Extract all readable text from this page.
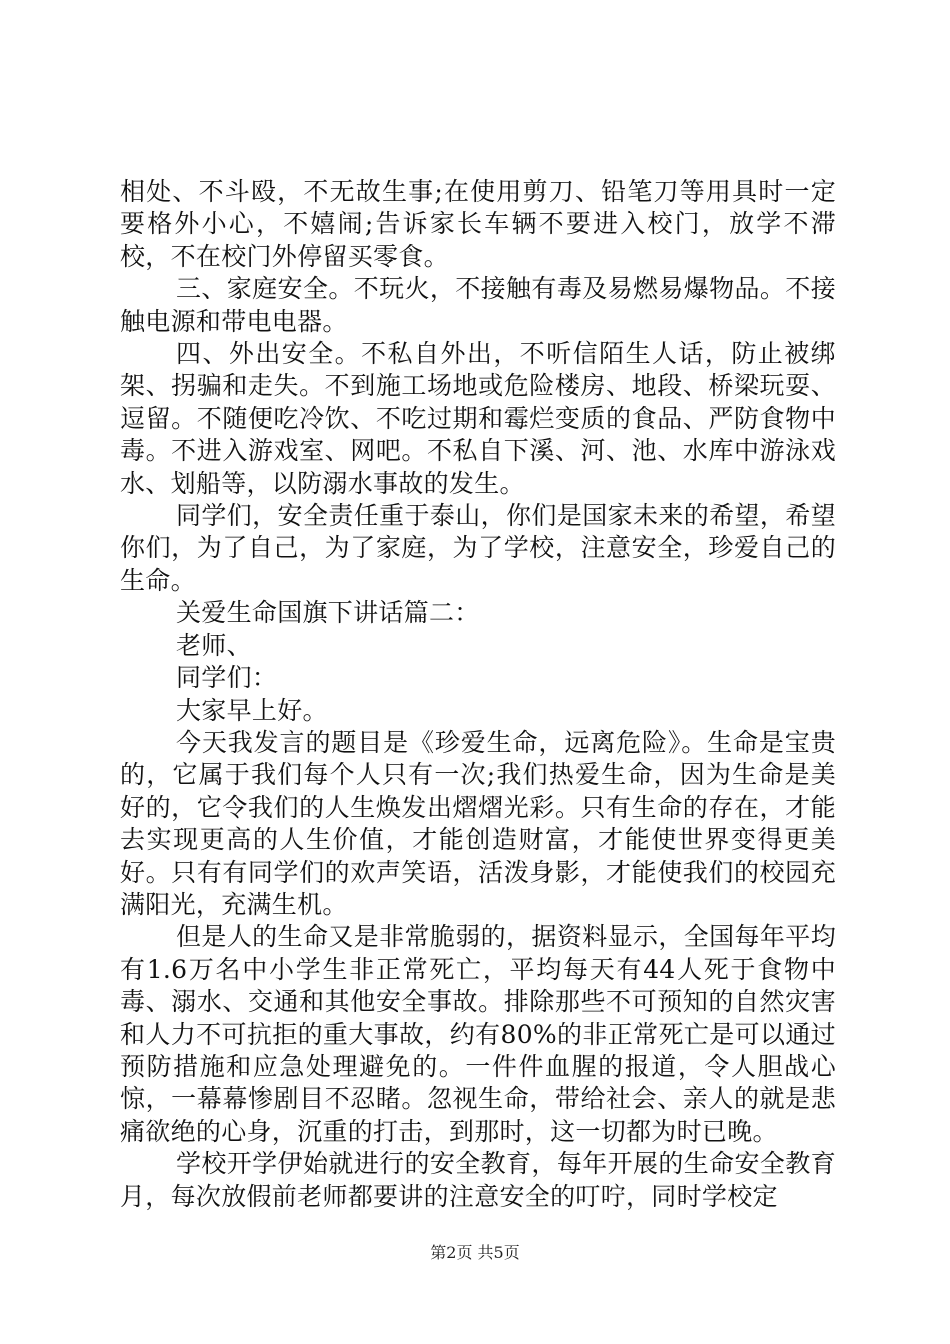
相处、不斗殴，不无故生事;在使用剪刀、铅笔刀等用具时一定要格外小心，不嬉闹;告诉家长车辆不要进入校门，放学不滞校，不在校门外停留买零食。

三、家庭安全。不玩火，不接触有毒及易燃易爆物品。不接触电源和带电电器。

四、外出安全。不私自外出，不听信陌生人话，防止被绑架、拐骗和走失。不到施工场地或危险楼房、地段、桥梁玩耍、逗留。不随便吃冷饮、不吃过期和霉烂变质的食品、严防食物中毒。不进入游戏室、网吧。不私自下溪、河、池、水库中游泳戏水、划船等，以防溺水事故的发生。

同学们，安全责任重于泰山，你们是国家未来的希望，希望你们，为了自己，为了家庭，为了学校，注意安全，珍爱自己的生命。

关爱生命国旗下讲话篇二：

老师、

同学们：

大家早上好。

今天我发言的题目是《珍爱生命，远离危险》。生命是宝贵的，它属于我们每个人只有一次;我们热爱生命，因为生命是美好的，它令我们的人生焕发出熠熠光彩。只有生命的存在，才能去实现更高的人生价值，才能创造财富，才能使世界变得更美好。只有有同学们的欢声笑语，活泼身影，才能使我们的校园充满阳光，充满生机。

但是人的生命又是非常脆弱的，据资料显示，全国每年平均有1.6万名中小学生非正常死亡，平均每天有44人死于食物中毒、溺水、交通和其他安全事故。排除那些不可预知的自然灾害和人力不可抗拒的重大事故，约有80%的非正常死亡是可以通过预防措施和应急处理避免的。一件件血腥的报道，令人胆战心惊，一幕幕惨剧目不忍睹。忽视生命，带给社会、亲人的就是悲痛欲绝的心身，沉重的打击，到那时，这一切都为时已晚。

学校开学伊始就进行的安全教育，每年开展的生命安全教育月，每次放假前老师都要讲的注意安全的叮咛，同时学校定

第2页 共5页
